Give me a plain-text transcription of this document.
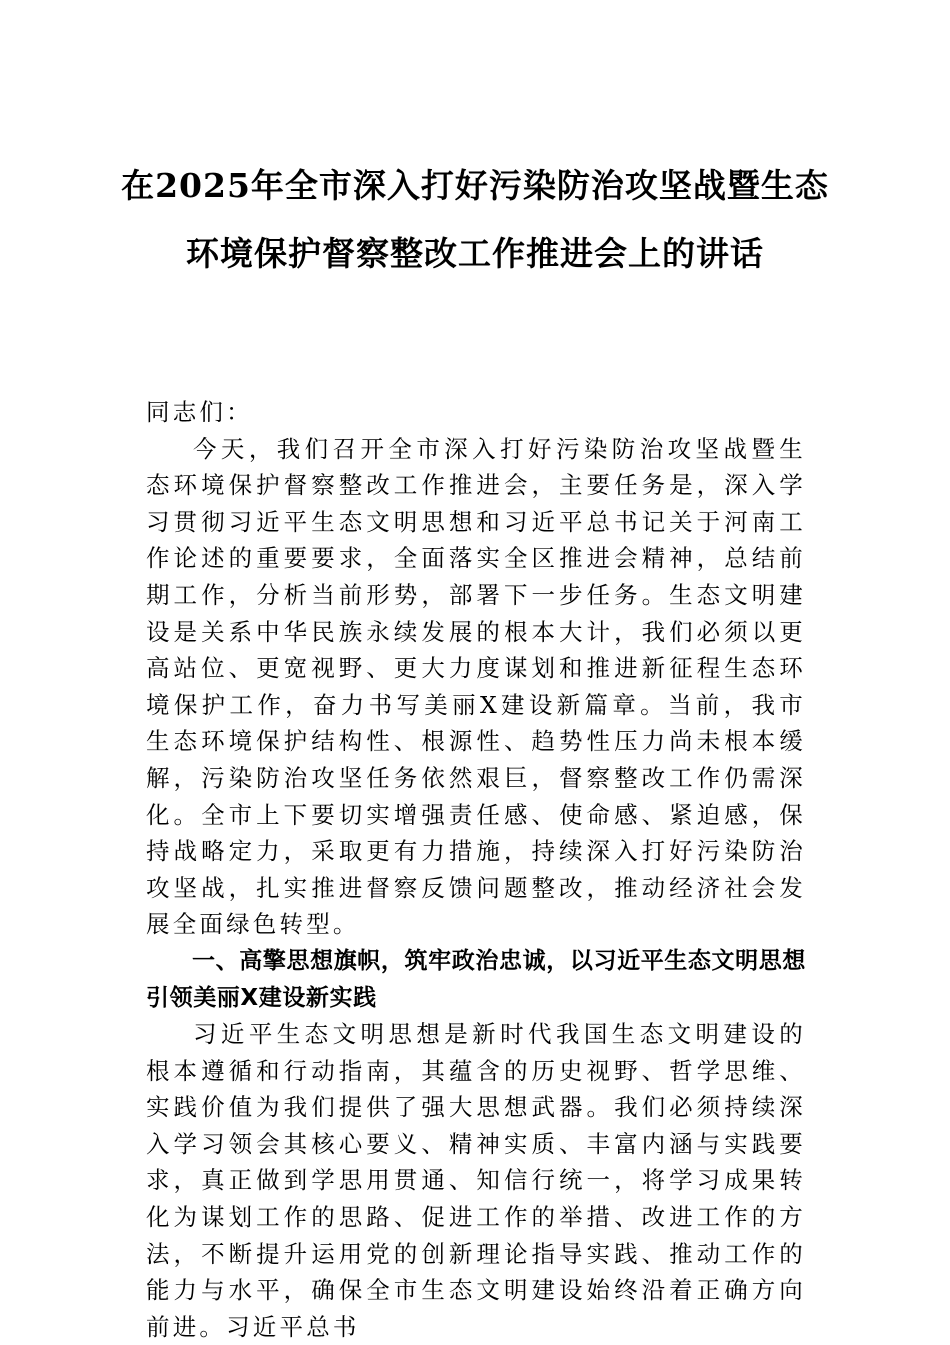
在2025年全市深入打好污染防治攻坚战暨生态环境保护督察整改工作推进会上的讲话

同志们：

今天，我们召开全市深入打好污染防治攻坚战暨生态环境保护督察整改工作推进会，主要任务是，深入学习贯彻习近平生态文明思想和习近平总书记关于河南工作论述的重要要求，全面落实全区推进会精神，总结前期工作，分析当前形势，部署下一步任务。生态文明建设是关系中华民族永续发展的根本大计，我们必须以更高站位、更宽视野、更大力度谋划和推进新征程生态环境保护工作，奋力书写美丽X建设新篇章。当前，我市生态环境保护结构性、根源性、趋势性压力尚未根本缓解，污染防治攻坚任务依然艰巨，督察整改工作仍需深化。全市上下要切实增强责任感、使命感、紧迫感，保持战略定力，采取更有力措施，持续深入打好污染防治攻坚战，扎实推进督察反馈问题整改，推动经济社会发展全面绿色转型。

一、高擎思想旗帜，筑牢政治忠诚，以习近平生态文明思想引领美丽X建设新实践

习近平生态文明思想是新时代我国生态文明建设的根本遵循和行动指南，其蕴含的历史视野、哲学思维、实践价值为我们提供了强大思想武器。我们必须持续深入学习领会其核心要义、精神实质、丰富内涵与实践要求，真正做到学思用贯通、知信行统一，将学习成果转化为谋划工作的思路、促进工作的举措、改进工作的方法，不断提升运用党的创新理论指导实践、推动工作的能力与水平，确保全市生态文明建设始终沿着正确方向前进。习近平总书
